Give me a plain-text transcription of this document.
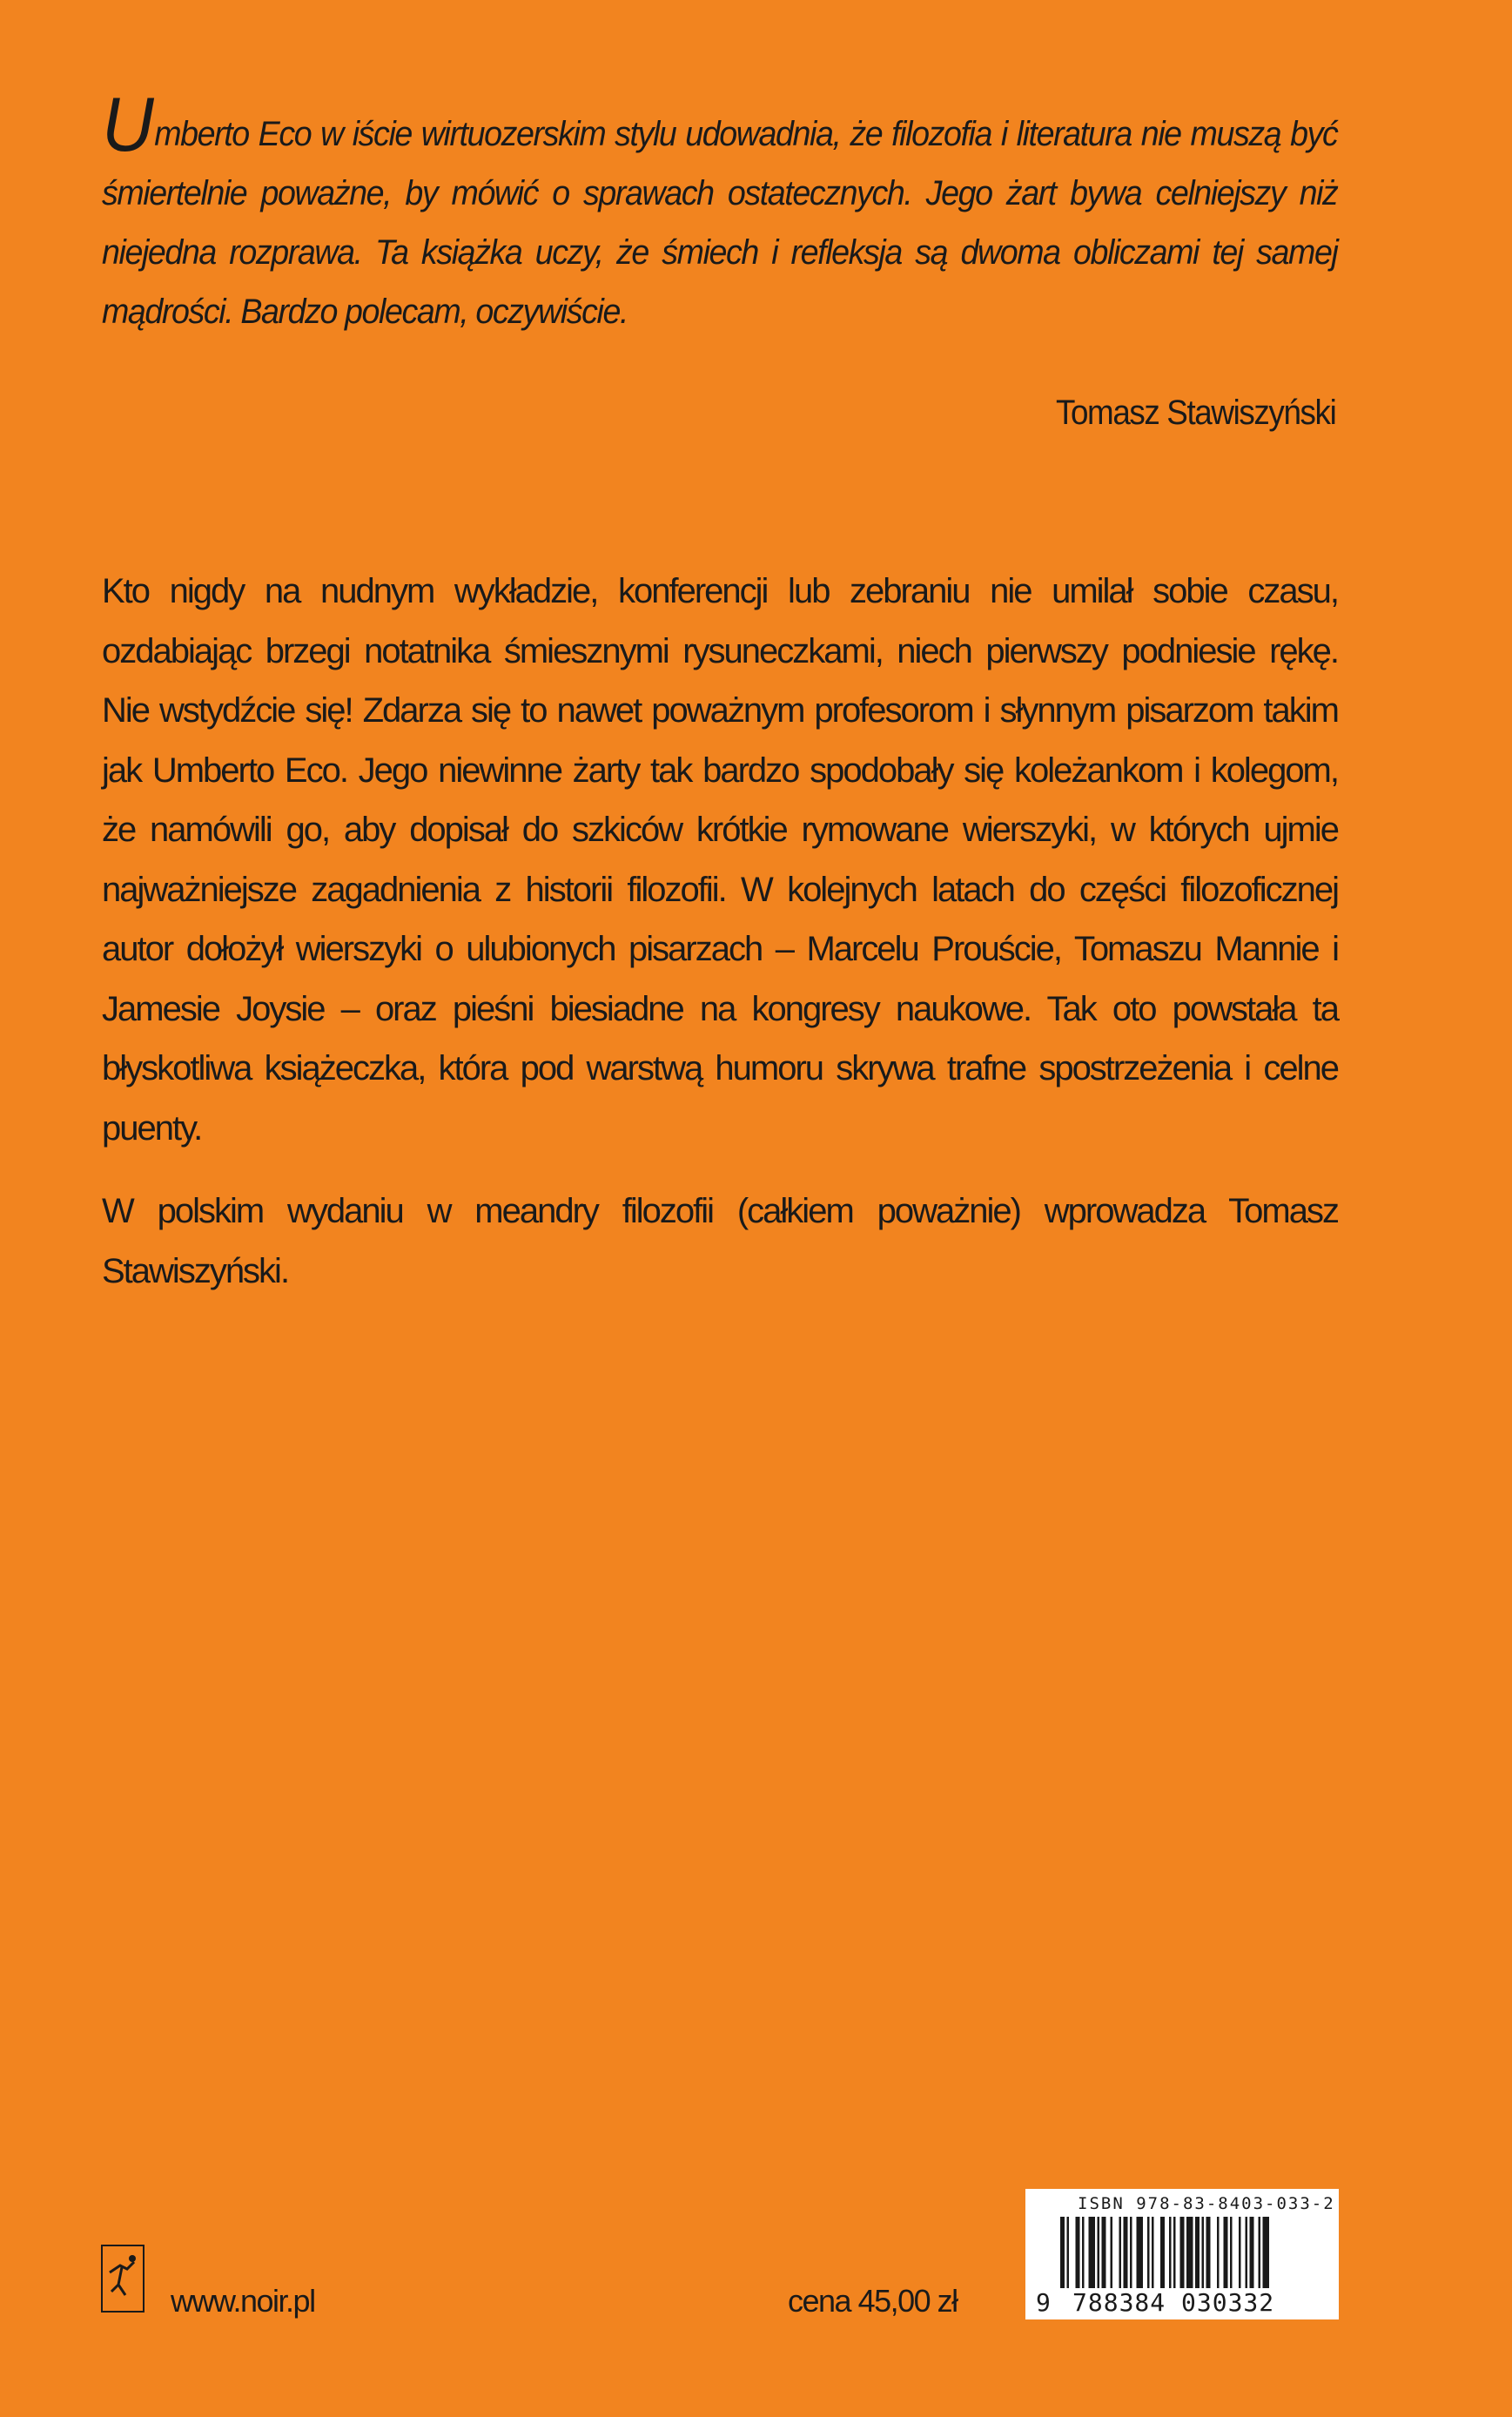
Umberto Eco w iście wirtuozerskim stylu udowadnia, że filozofia i literatura nie muszą być śmiertelnie poważne, by mówić o sprawach ostatecznych. Jego żart bywa celniejszy niż niejedna rozprawa. Ta książka uczy, że śmiech i refleksja są dwoma obliczami tej samej mądrości. Bardzo polecam, oczywiście.
Tomasz Stawiszyński

Kto nigdy na nudnym wykładzie, konferencji lub zebraniu nie umilał sobie czasu, ozdabiając brzegi notatnika śmiesznymi rysuneczkami, niech pierwszy podniesie rękę. Nie wstydźcie się! Zdarza się to nawet poważnym profesorom i słynnym pisarzom takim jak Umberto Eco. Jego niewinne żarty tak bardzo spodobały się koleżankom i kolegom, że namówili go, aby dopisał do szkiców krótkie rymowane wierszyki, w których ujmie najważniejsze zagadnienia z historii filozofii. W kolejnych latach do części filozoficznej autor dołożył wierszyki o ulubionych pisarzach – Marcelu Prouście, Tomaszu Mannie i Jamesie Joysie – oraz pieśni biesiadne na kongresy naukowe. Tak oto powstała ta błyskotliwa książeczka, która pod warstwą humoru skrywa trafne spostrzeżenia i celne puenty.

W polskim wydaniu w meandry filozofii (całkiem poważnie) wprowadza Tomasz Stawiszyński.

www.noir.pl	cena 45,00 zł
ISBN 978-83-8403-033-2
9 788384 030332
